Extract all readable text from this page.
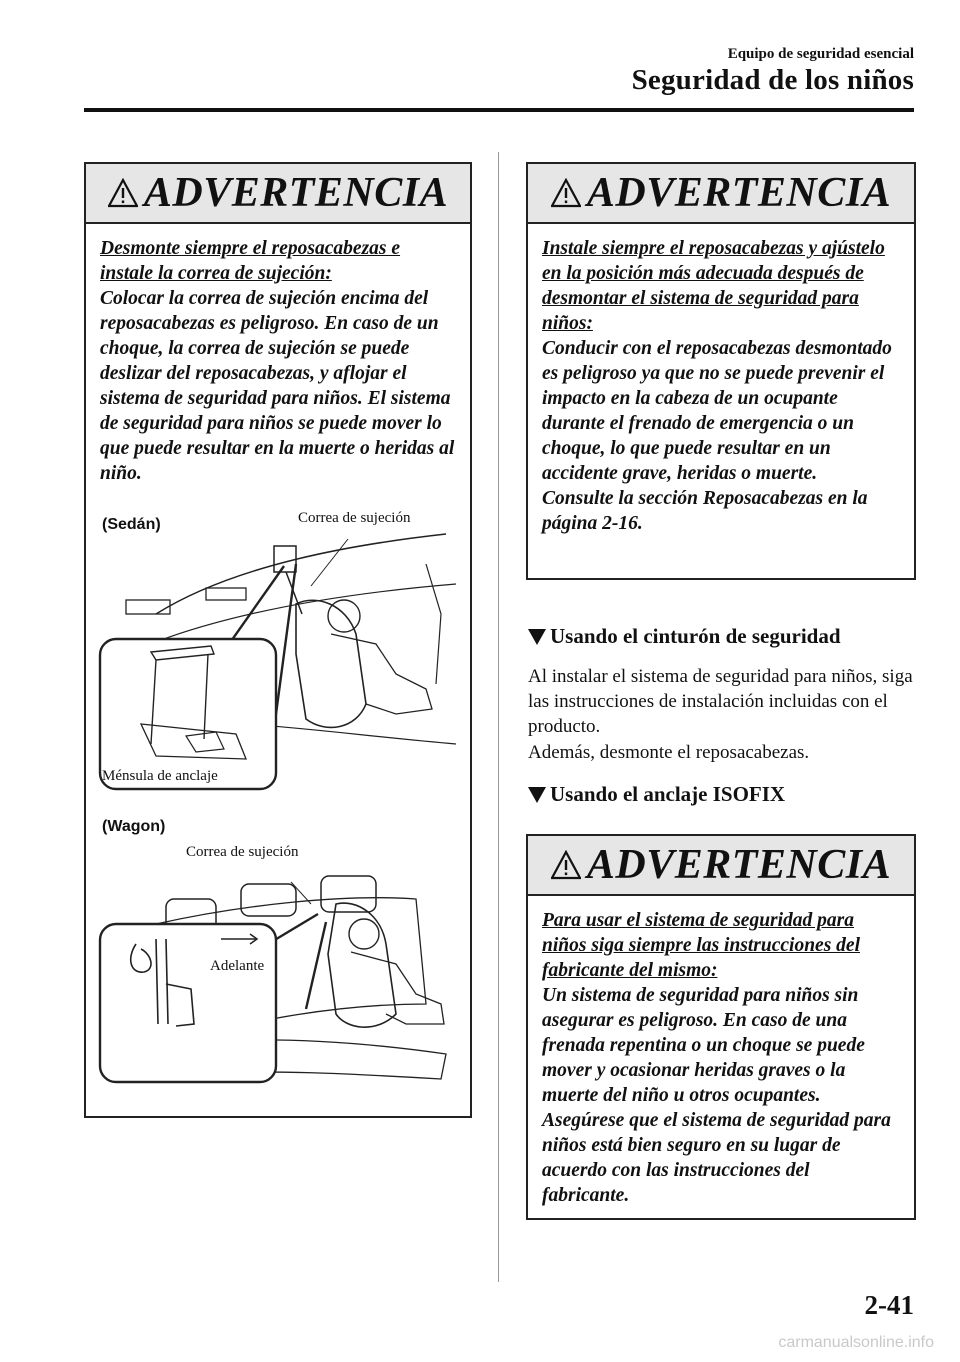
Equipo de seguridad esencial
Seguridad de los niños
ADVERTENCIA
Desmonte siempre el reposacabezas e instale la correa de sujeción:
Colocar la correa de sujeción encima del reposacabezas es peligroso. En caso de un choque, la correa de sujeción se puede deslizar del reposacabezas, y aflojar el sistema de seguridad para niños. El sistema de seguridad para niños se puede mover lo que puede resultar en la muerte o heridas al niño.
(Sedán)	Correa de sujeción
Ménsula de anclaje
(Wagon)
Correa de sujeción
Adelante
ADVERTENCIA
Instale siempre el reposacabezas y ajústelo en la posición más adecuada después de desmontar el sistema de seguridad para niños:
Conducir con el reposacabezas desmontado es peligroso ya que no se puede prevenir el impacto en la cabeza de un ocupante durante el frenado de emergencia o un choque, lo que puede resultar en un accidente grave, heridas o muerte.
Consulte la sección Reposacabezas en la página 2-16.
Usando el cinturón de seguridad
Al instalar el sistema de seguridad para niños, siga las instrucciones de instalación incluidas con el producto.
Además, desmonte el reposacabezas.
Usando el anclaje ISOFIX
ADVERTENCIA
Para usar el sistema de seguridad para niños siga siempre las instrucciones del fabricante del mismo:
Un sistema de seguridad para niños sin asegurar es peligroso. En caso de una frenada repentina o un choque se puede mover y ocasionar heridas graves o la muerte del niño u otros ocupantes. Asegúrese que el sistema de seguridad para niños está bien seguro en su lugar de acuerdo con las instrucciones del fabricante.
2-41
carmanualsonline.info
